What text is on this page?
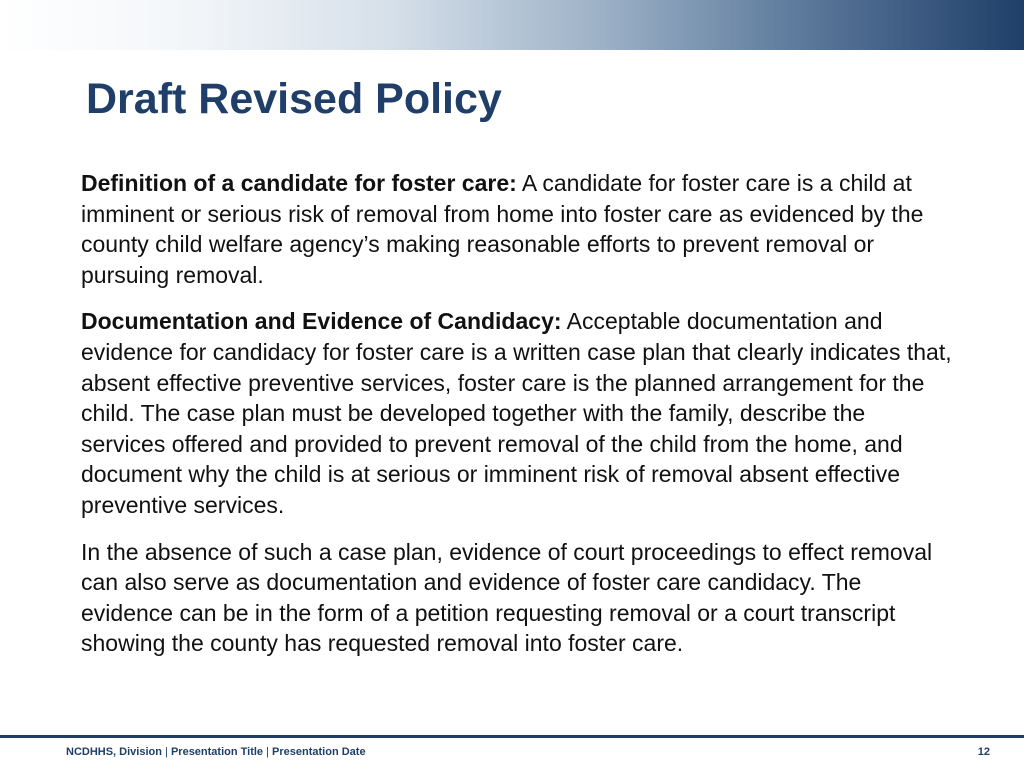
Draft Revised Policy

Definition of a candidate for foster care: A candidate for foster care is a child at imminent or serious risk of removal from home into foster care as evidenced by the county child welfare agency’s making reasonable efforts to prevent removal or pursuing removal.

Documentation and Evidence of Candidacy: Acceptable documentation and evidence for candidacy for foster care is a written case plan that clearly indicates that, absent effective preventive services, foster care is the planned arrangement for the child. The case plan must be developed together with the family, describe the services offered and provided to prevent removal of the child from the home, and document why the child is at serious or imminent risk of removal absent effective preventive services.

In the absence of such a case plan, evidence of court proceedings to effect removal can also serve as documentation and evidence of foster care candidacy. The evidence can be in the form of a petition requesting removal or a court transcript showing the county has requested removal into foster care.

NCDHHS, Division | Presentation Title | Presentation Date	12
